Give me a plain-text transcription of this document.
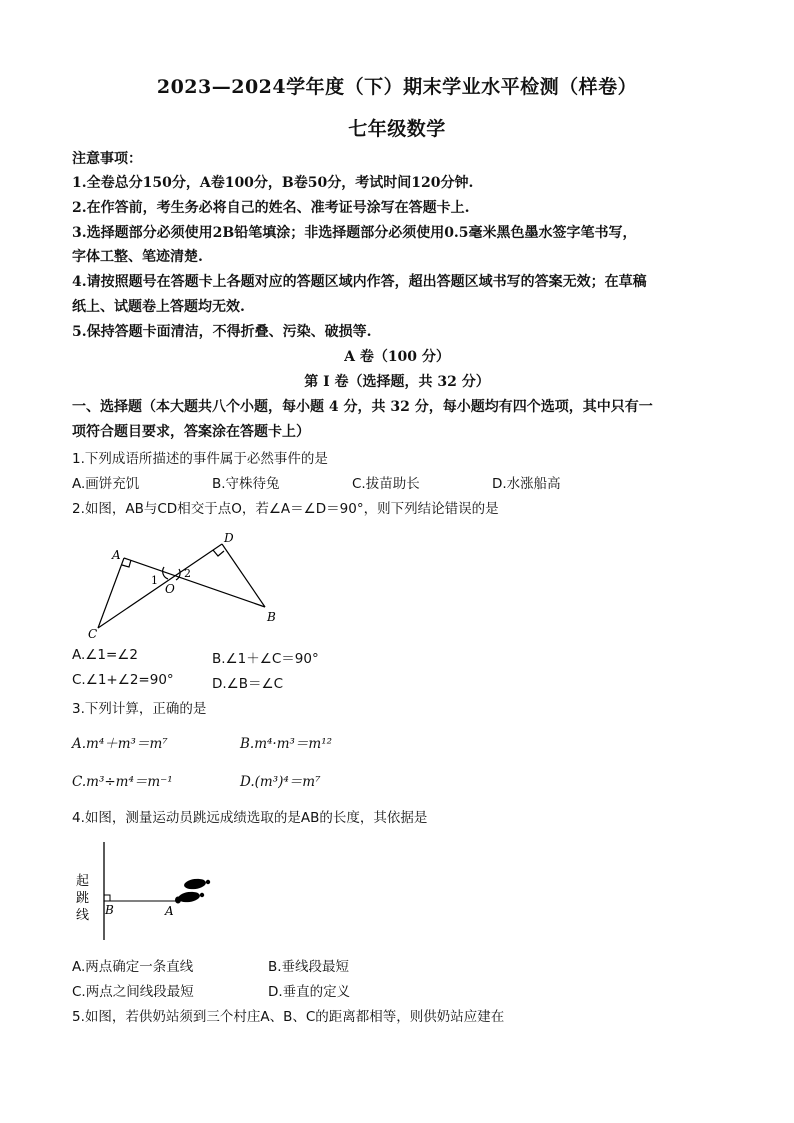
2023—2024学年度（下）期末学业水平检测（样卷）
七年级数学
注意事项：
1.全卷总分150分，A卷100分，B卷50分，考试时间120分钟.
2.在作答前，考生务必将自己的姓名、准考证号涂写在答题卡上.
3.选择题部分必须使用2B铅笔填涂；非选择题部分必须使用0.5毫米黑色墨水签字笔书写，
字体工整、笔迹清楚.
4.请按照题号在答题卡上各题对应的答题区域内作答，超出答题区域书写的答案无效；在草稿
纸上、试题卷上答题均无效.
5.保持答题卡面清洁，不得折叠、污染、破损等.
A 卷（100 分）
第 I 卷（选择题，共 32 分）
一、选择题（本大题共八个小题，每小题 4 分，共 32 分，每小题均有四个选项，其中只有一
项符合题目要求，答案涂在答题卡上）
1.下列成语所描述的事件属于必然事件的是
A.画饼充饥	B.守株待兔	C.拔苗助长	D.水涨船高
2.如图，AB与CD相交于点O，若∠A＝∠D＝90°，则下列结论错误的是
A
D
C
B
O
1
2
A.∠1=∠2	B.∠1＋∠C＝90°
C.∠1+∠2=90°	D.∠B＝∠C
3.下列计算，正确的是
A.m⁴＋m³＝m⁷	B.m⁴·m³＝m¹²
C.m³÷m⁴＝m⁻¹	D.(m³)⁴＝m⁷
4.如图，测量运动员跳远成绩选取的是AB的长度，其依据是
起
跳
线 B	A
A.两点确定一条直线	B.垂线段最短
C.两点之间线段最短	D.垂直的定义
5.如图，若供奶站须到三个村庄A、B、C的距离都相等，则供奶站应建在
